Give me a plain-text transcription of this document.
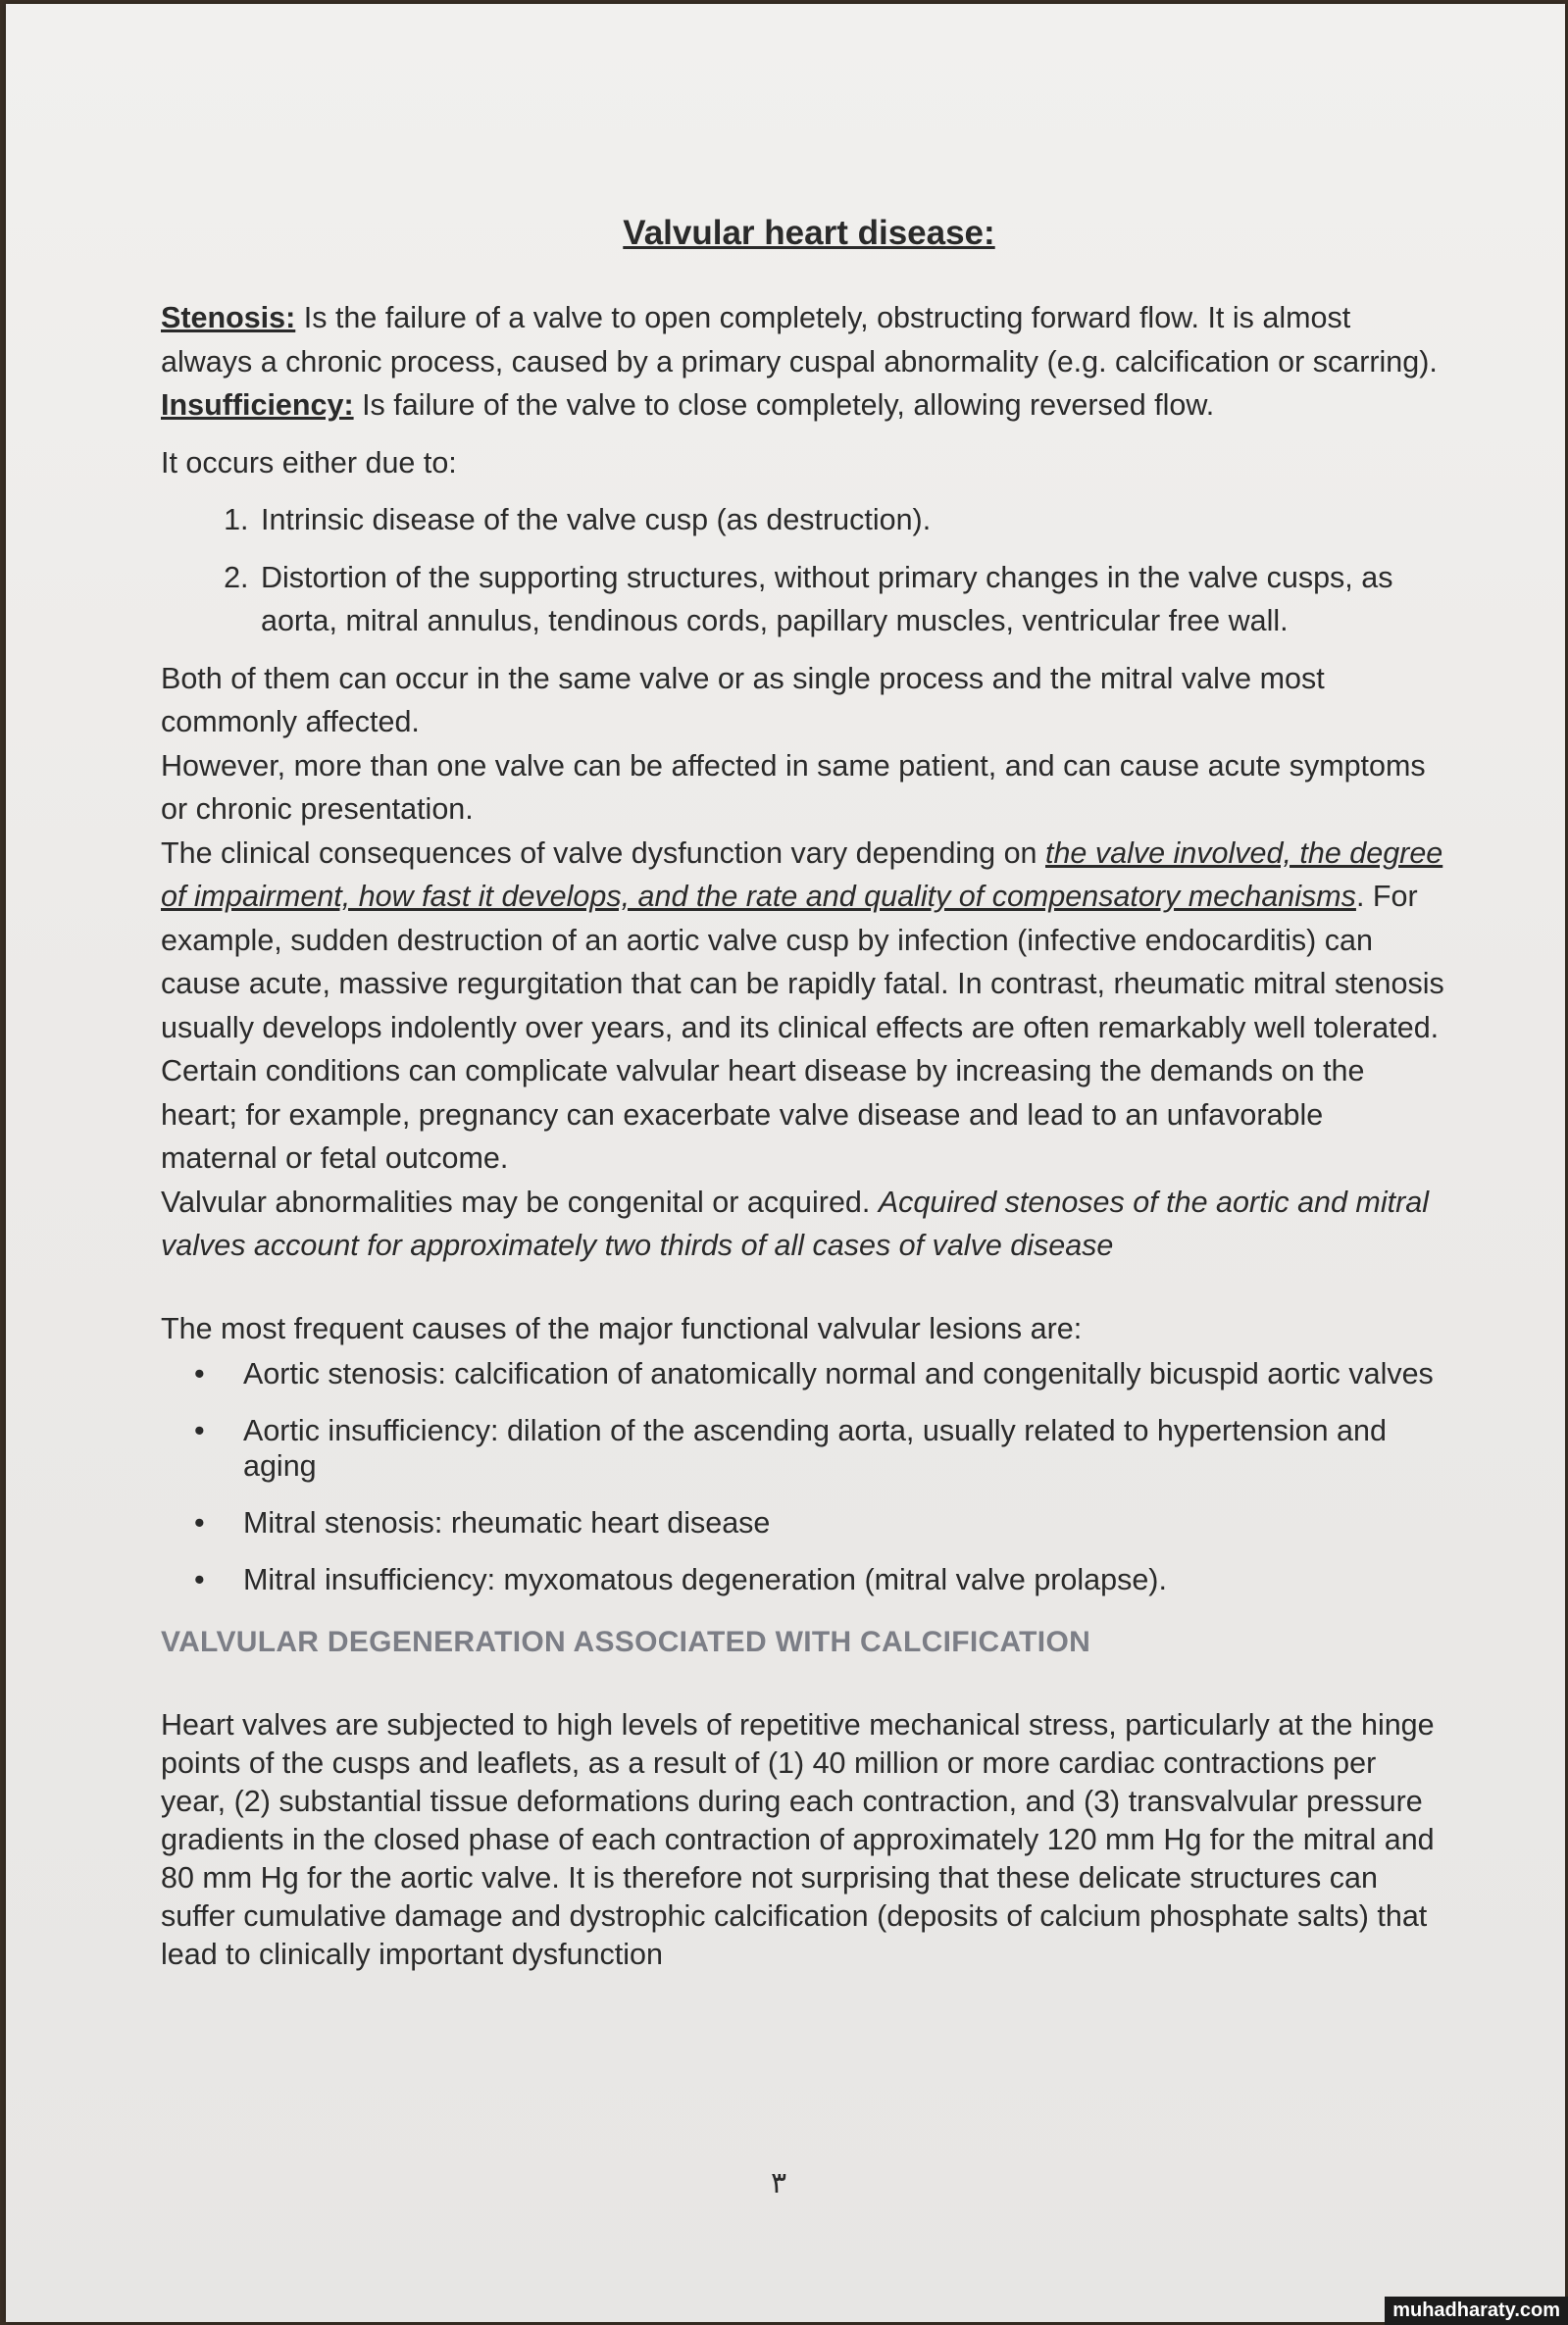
Valvular heart disease:

Stenosis: Is the failure of a valve to open completely, obstructing forward flow. It is almost always a chronic process, caused by a primary cuspal abnormality (e.g. calcification or scarring).

Insufficiency: Is failure of the valve to close completely, allowing reversed flow.

It occurs either due to:

1. Intrinsic disease of the valve cusp (as destruction).
2. Distortion of the supporting structures, without primary changes in the valve cusps, as aorta, mitral annulus, tendinous cords, papillary muscles, ventricular free wall.

Both of them can occur in the same valve or as single process and the mitral valve most commonly affected.

However, more than one valve can be affected in same patient, and can cause acute symptoms or chronic presentation.

The clinical consequences of valve dysfunction vary depending on the valve involved, the degree of impairment, how fast it develops, and the rate and quality of compensatory mechanisms. For example, sudden destruction of an aortic valve cusp by infection (infective endocarditis) can cause acute, massive regurgitation that can be rapidly fatal. In contrast, rheumatic mitral stenosis usually develops indolently over years, and its clinical effects are often remarkably well tolerated. Certain conditions can complicate valvular heart disease by increasing the demands on the heart; for example, pregnancy can exacerbate valve disease and lead to an unfavorable maternal or fetal outcome.

Valvular abnormalities may be congenital or acquired. Acquired stenoses of the aortic and mitral valves account for approximately two thirds of all cases of valve disease

The most frequent causes of the major functional valvular lesions are:

• Aortic stenosis: calcification of anatomically normal and congenitally bicuspid aortic valves
• Aortic insufficiency: dilation of the ascending aorta, usually related to hypertension and aging
• Mitral stenosis: rheumatic heart disease
• Mitral insufficiency: myxomatous degeneration (mitral valve prolapse).

VALVULAR DEGENERATION ASSOCIATED WITH CALCIFICATION

Heart valves are subjected to high levels of repetitive mechanical stress, particularly at the hinge points of the cusps and leaflets, as a result of (1) 40 million or more cardiac contractions per year, (2) substantial tissue deformations during each contraction, and (3) transvalvular pressure gradients in the closed phase of each contraction of approximately 120 mm Hg for the mitral and 80 mm Hg for the aortic valve. It is therefore not surprising that these delicate structures can suffer cumulative damage and dystrophic calcification (deposits of calcium phosphate salts) that lead to clinically important dysfunction

٣
muhadharaty.com
